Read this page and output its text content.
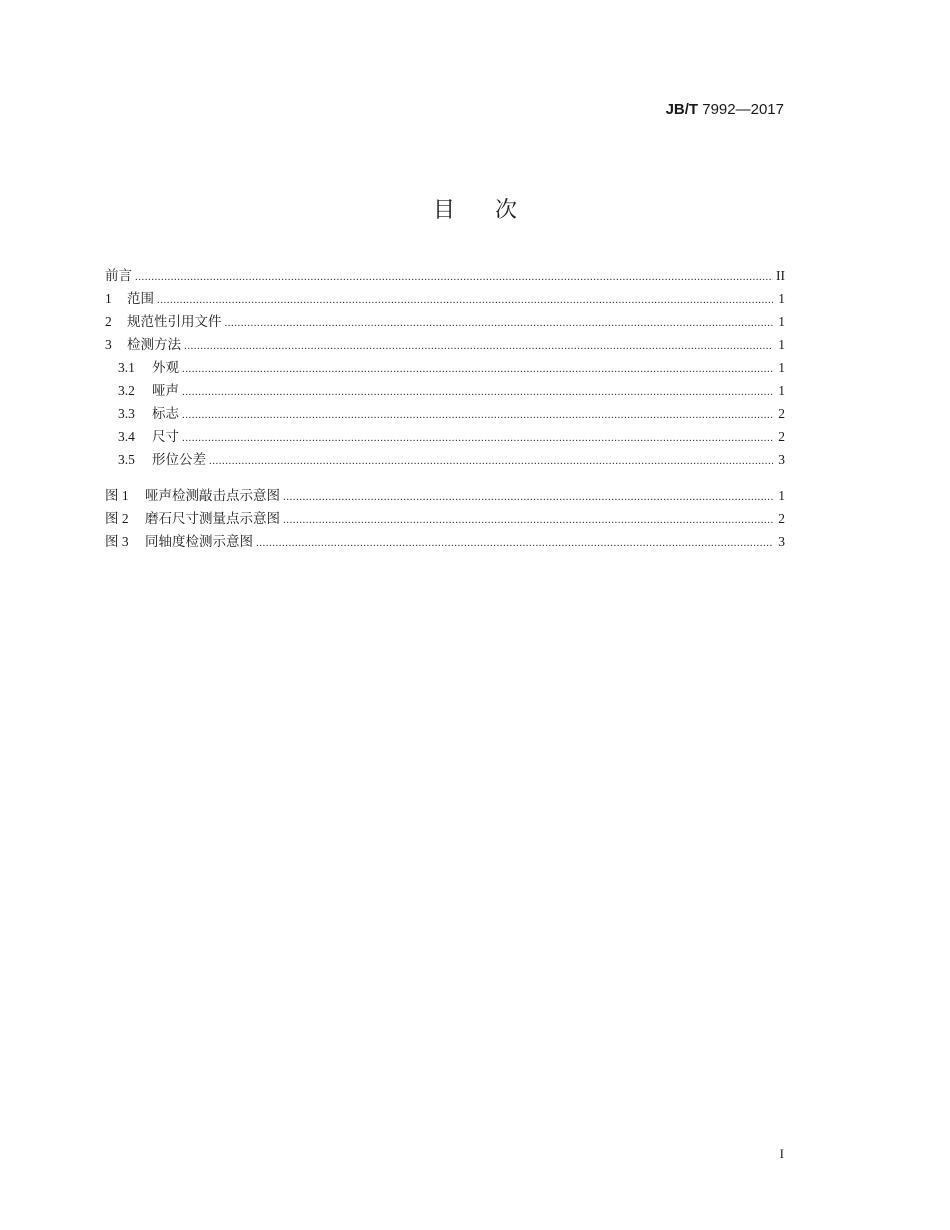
JB/T 7992—2017
目次
前言 .....	II
1	范围 .....	1
2	规范性引用文件 .....	1
3	检测方法 .....	1
3.1	外观 .....	1
3.2	哑声 .....	1
3.3	标志 .....	2
3.4	尺寸 .....	2
3.5	形位公差 .....	3
图 1	哑声检测敲击点示意图 .....	1
图 2	磨石尺寸测量点示意图 .....	2
图 3	同轴度检测示意图 .....	3
I
